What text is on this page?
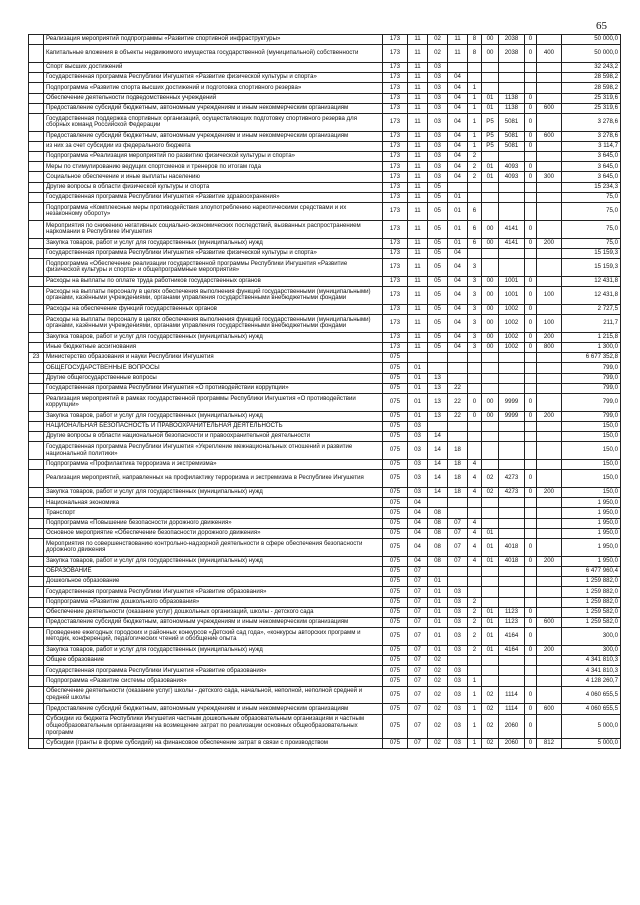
65
	Реализация мероприятий подпрограммы «Развитие спортивной инфраструктуры»	173	11	02	11	8	00	2038	0		50 000,0
	Капитальные вложения в объекты недвижимого имущества государственной (муниципальной) собственности	173	11	02	11	8	00	2038	0	400	50 000,0
	Спорт высших достижений	173	11	03							32 243,2
	Государственная программа Республики Ингушетия «Развитие физической культуры и спорта»	173	11	03	04						28 598,2
	Подпрограмма «Развитие спорта высших достижений и подготовка спортивного резерва»	173	11	03	04	1					28 598,2
	Обеспечение деятельности подведомственных учреждений	173	11	03	04	1	01	1138	0		25 319,6
	Предоставление субсидий бюджетным, автономным учреждениям и иным некоммерческим организациям	173	11	03	04	1	01	1138	0	600	25 319,6
	Государственная поддержка спортивных организаций, осуществляющих подготовку спортивного резерва для сборных команд Российской Федерации	173	11	03	04	1	P5	5081	0		3 278,6
	Предоставление субсидий бюджетным, автономным учреждениям и иным некоммерческим организациям	173	11	03	04	1	P5	5081	0	600	3 278,6
	из них за счет субсидии из федерального бюджета	173	11	03	04	1	P5	5081	0		3 114,7
	Подпрограмма «Реализация мероприятий по развитию физической культуры и спорта»	173	11	03	04	2					3 645,0
	Меры по стимулированию ведущих спортсменов и тренеров по итогам года	173	11	03	04	2	01	4093	0		3 645,0
	Социальное обеспечение и иные выплаты населению	173	11	03	04	2	01	4093	0	300	3 645,0
	Другие вопросы в области физической культуры и спорта	173	11	05							15 234,3
	Государственная программа Республики Ингушетия «Развитие здравоохранения»	173	11	05	01						75,0
	Подпрограмма «Комплексные меры противодействия злоупотреблению наркотическими средствами и их незаконному обороту»	173	11	05	01	6					75,0
	Мероприятия по снижению негативных социально-экономических последствий, вызванных распространением наркомании в Республике Ингушетия	173	11	05	01	6	00	4141	0		75,0
	Закупка товаров, работ и услуг для государственных (муниципальных) нужд	173	11	05	01	6	00	4141	0	200	75,0
	Государственная программа Республики Ингушетия «Развитие физической культуры и спорта»	173	11	05	04						15 159,3
	Подпрограмма «Обеспечение реализации государственной программы Республики Ингушетия «Развитие физической культуры и спорта» и общепрограммные мероприятия»	173	11	05	04	3					15 159,3
	Расходы на выплаты по оплате труда работников государственных органов	173	11	05	04	3	00	1001	0		12 431,8
	Расходы на выплаты персоналу в целях обеспечения выполнения функций государственными (муниципальными) органами, казёнными учреждениями, органами управления государственными внебюджетными фондами	173	11	05	04	3	00	1001	0	100	12 431,8
	Расходы на обеспечение функций государственных органов	173	11	05	04	3	00	1002	0		2 727,5
	Расходы на выплаты персоналу в целях обеспечения выполнения функций государственными (муниципальными) органами, казёнными учреждениями, органами управления государственными внебюджетными фондами	173	11	05	04	3	00	1002	0	100	211,7
	Закупка товаров, работ и услуг для государственных (муниципальных) нужд	173	11	05	04	3	00	1002	0	200	1 215,8
	Иные бюджетные ассигнования	173	11	05	04	3	00	1002	0	800	1 300,0
23	Министерство образования и науки Республики Ингушетия	075									6 677 352,8
	ОБЩЕГОСУДАРСТВЕННЫЕ ВОПРОСЫ	075	01								799,0
	Другие общегосударственные вопросы	075	01	13							799,0
	Государственная программа Республики Ингушетия «О противодействии коррупции»	075	01	13	22						799,0
	Реализация мероприятий в рамках государственной программы Республики Ингушетия «О противодействии коррупции»	075	01	13	22	0	00	9999	0		799,0
	Закупка товаров, работ и услуг для государственных (муниципальных) нужд	075	01	13	22	0	00	9999	0	200	799,0
	НАЦИОНАЛЬНАЯ БЕЗОПАСНОСТЬ И ПРАВООХРАНИТЕЛЬНАЯ ДЕЯТЕЛЬНОСТЬ	075	03								150,0
	Другие вопросы в области национальной безопасности и правоохранительной деятельности	075	03	14							150,0
	Государственная программа Республики Ингушетия «Укрепление межнациональных отношений и развитие национальной политики»	075	03	14	18						150,0
	Подпрограмма «Профилактика терроризма и экстремизма»	075	03	14	18	4					150,0
	Реализация мероприятий, направленных на профилактику терроризма и экстремизма в Республике Ингушетия	075	03	14	18	4	02	4273	0		150,0
	Закупка товаров, работ и услуг для государственных (муниципальных) нужд	075	03	14	18	4	02	4273	0	200	150,0
	Национальная экономика	075	04								1 950,0
	Транспорт	075	04	08							1 950,0
	Подпрограмма «Повышение безопасности дорожного движения»	075	04	08	07	4					1 950,0
	Основное мероприятие «Обеспечение безопасности дорожного движения»	075	04	08	07	4	01				1 950,0
	Мероприятия по совершенствованию контрольно-надзорной деятельности в сфере обеспечения безопасности дорожного движения	075	04	08	07	4	01	4018	0		1 950,0
	Закупка товаров, работ и услуг для государственных (муниципальных) нужд	075	04	08	07	4	01	4018	0	200	1 950,0
	ОБРАЗОВАНИЕ	075	07								6 477 960,4
	Дошкольное образование	075	07	01							1 259 882,0
	Государственная программа Республики Ингушетия «Развитие образования»	075	07	01	03						1 259 882,0
	Подпрограмма «Развитие дошкольного образования»	075	07	01	03	2					1 259 882,0
	Обеспечение деятельности (оказание услуг) дошкольных организаций, школы - детского сада	075	07	01	03	2	01	1123	0		1 259 582,0
	Предоставление субсидий бюджетным, автономным учреждениям и иным некоммерческим организациям	075	07	01	03	2	01	1123	0	600	1 259 582,0
	Проведение ежегодных городских и районных конкурсов «Детский сад года», «конкурсы авторских программ и методик, конференций, педагогических чтений и обобщение опыта	075	07	01	03	2	01	4164	0		300,0
	Закупка товаров, работ и услуг для государственных (муниципальных) нужд	075	07	01	03	2	01	4164	0	200	300,0
	Общее образование	075	07	02							4 341 810,3
	Государственная программа Республики Ингушетия «Развитие образования»	075	07	02	03						4 341 810,3
	Подпрограмма «Развитие системы образования»	075	07	02	03	1					4 128 260,7
	Обеспечение деятельности (оказание услуг) школы - детского сада, начальной, неполной, неполной средней и средней школы	075	07	02	03	1	02	1114	0		4 060 655,5
	Предоставление субсидий бюджетным, автономным учреждениям и иным некоммерческим организациям	075	07	02	03	1	02	1114	0	600	4 060 655,5
	Субсидии из бюджета Республики Ингушетия частным дошкольным образовательным организациям и частным общеобразовательным организациям на возмещение затрат по реализации основных общеобразовательных программ	075	07	02	03	1	02	2060	0		5 000,0
	Субсидии (гранты в форме субсидий) на финансовое обеспечение затрат в связи с производством	075	07	02	03	1	02	2060	0	812	5 000,0
